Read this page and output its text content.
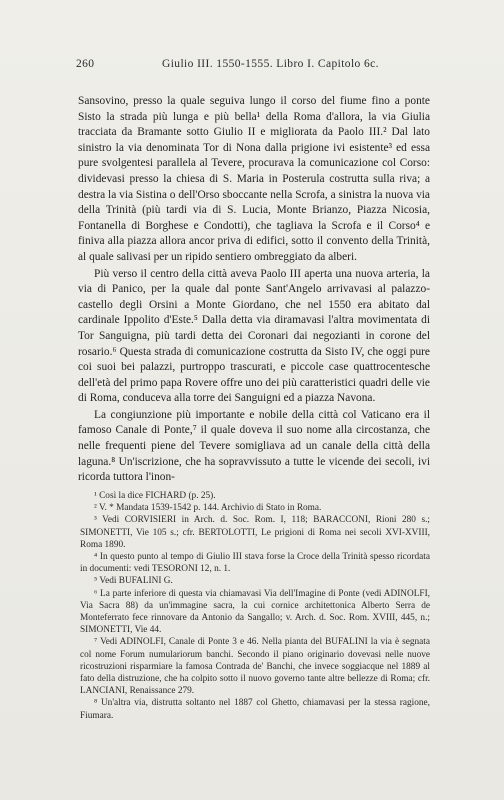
260	Giulio III. 1550-1555. Libro I. Capitolo 6c.

Sansovino, presso la quale seguiva lungo il corso del fiume fino a ponte Sisto la strada più lunga e più bella¹ della Roma d'allora, la via Giulia tracciata da Bramante sotto Giulio II e migliorata da Paolo III.² Dal lato sinistro la via denominata Tor di Nona dalla prigione ivi esistente³ ed essa pure svolgentesi parallela al Tevere, procurava la comunicazione col Corso: dividevasi presso la chiesa di S. Maria in Posterula costrutta sulla riva; a destra la via Sistina o dell'Orso sboccante nella Scrofa, a sinistra la nuova via della Trinità (più tardi via di S. Lucia, Monte Brianzo, Piazza Nicosia, Fontanella di Borghese e Condotti), che tagliava la Scrofa e il Corso⁴ e finiva alla piazza allora ancor priva di edifici, sotto il convento della Trinità, al quale salivasi per un ripido sentiero ombreggiato da alberi.

Più verso il centro della città aveva Paolo III aperta una nuova arteria, la via di Panico, per la quale dal ponte Sant'Angelo arrivavasi al palazzo-castello degli Orsini a Monte Giordano, che nel 1550 era abitato dal cardinale Ippolito d'Este.⁵ Dalla detta via diramavasi l'altra movimentata di Tor Sanguigna, più tardi detta dei Coronari dai negozianti in corone del rosario.⁶ Questa strada di comunicazione costrutta da Sisto IV, che oggi pure coi suoi bei palazzi, purtroppo trascurati, e piccole case quattrocentesche dell'età del primo papa Rovere offre uno dei più caratteristici quadri delle vie di Roma, conduceva alla torre dei Sanguigni ed a piazza Navona.

La congiunzione più importante e nobile della città col Vaticano era il famoso Canale di Ponte,⁷ il quale doveva il suo nome alla circostanza, che nelle frequenti piene del Tevere somigliava ad un canale della città della laguna.⁸ Un'iscrizione, che ha sopravvissuto a tutte le vicende dei secoli, ivi ricorda tuttora l'inon-

¹ Così la dice FICHARD (p. 25).

² V. * Mandata 1539-1542 p. 144. Archivio di Stato in Roma.

³ Vedi CORVISIERI in Arch. d. Soc. Rom. I, 118; BARACCONI, Rioni 280 s.; SIMONETTI, Vie 105 s.; cfr. BERTOLOTTI, Le prigioni di Roma nei secoli XVI-XVIII, Roma 1890.

⁴ In questo punto al tempo di Giulio III stava forse la Croce della Trinità spesso ricordata in documenti: vedi TESORONI 12, n. 1.

⁵ Vedi BUFALINI G.

⁶ La parte inferiore di questa via chiamavasi Via dell'Imagine di Ponte (vedi ADINOLFI, Via Sacra 88) da un'immagine sacra, la cui cornice architettonica Alberto Serra de Monteferrato fece rinnovare da Antonio da Sangallo; v. Arch. d. Soc. Rom. XVIII, 445, n.; SIMONETTI, Vie 44.

⁷ Vedi ADINOLFI, Canale di Ponte 3 e 46. Nella pianta del BUFALINI la via è segnata col nome Forum numulariorum banchi. Secondo il piano originario dovevasi nelle nuove ricostruzioni risparmiare la famosa Contrada de' Banchi, che invece soggiacque nel 1889 al fato della distruzione, che ha colpito sotto il nuovo governo tante altre bellezze di Roma; cfr. LANCIANI, Renaissance 279.

⁸ Un'altra via, distrutta soltanto nel 1887 col Ghetto, chiamavasi per la stessa ragione, Fiumara.
